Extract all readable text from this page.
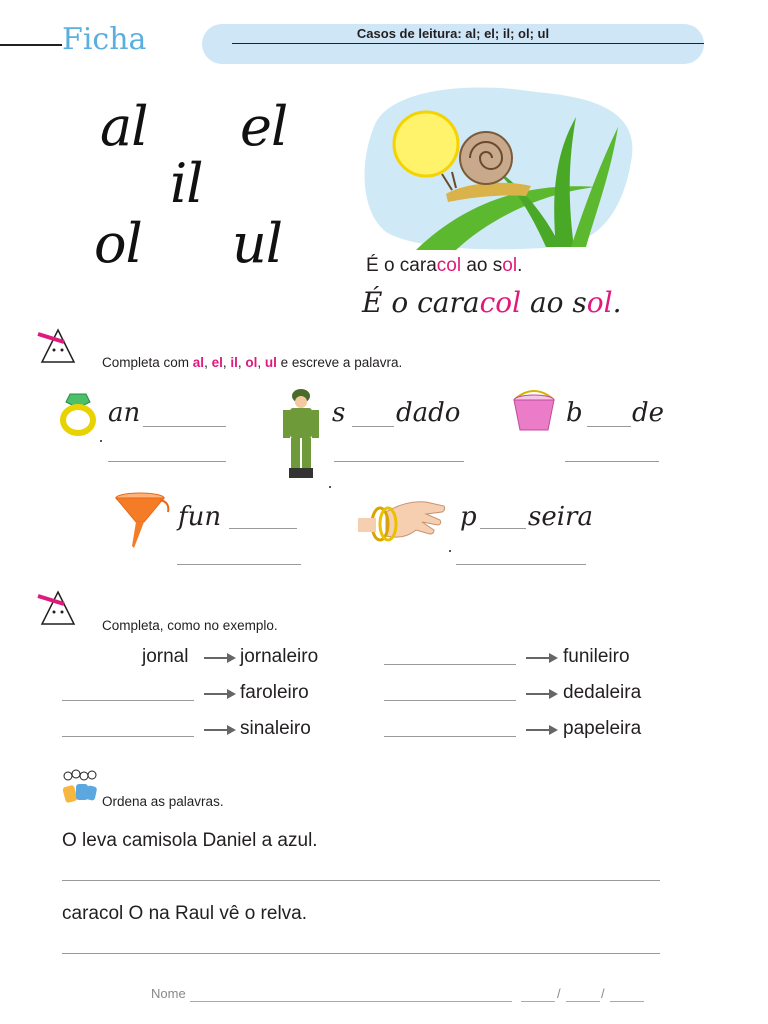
Ficha	Casos de leitura: al; el; il; ol; ul
al el
il
ol ul	É o caracol ao sol.
É o caracol ao sol.
Completa com al, el, il, ol, ul e escreve a palavra.
an	s dado	b de
fun	p seira
Completa, como no exemplo.
jornal	jornaleiro	funileiro
faroleiro	dedaleira
sinaleiro	papeleira
Ordena as palavras.
O leva camisola Daniel a azul.
caracol O na Raul vê o relva.
Nome	/	/
